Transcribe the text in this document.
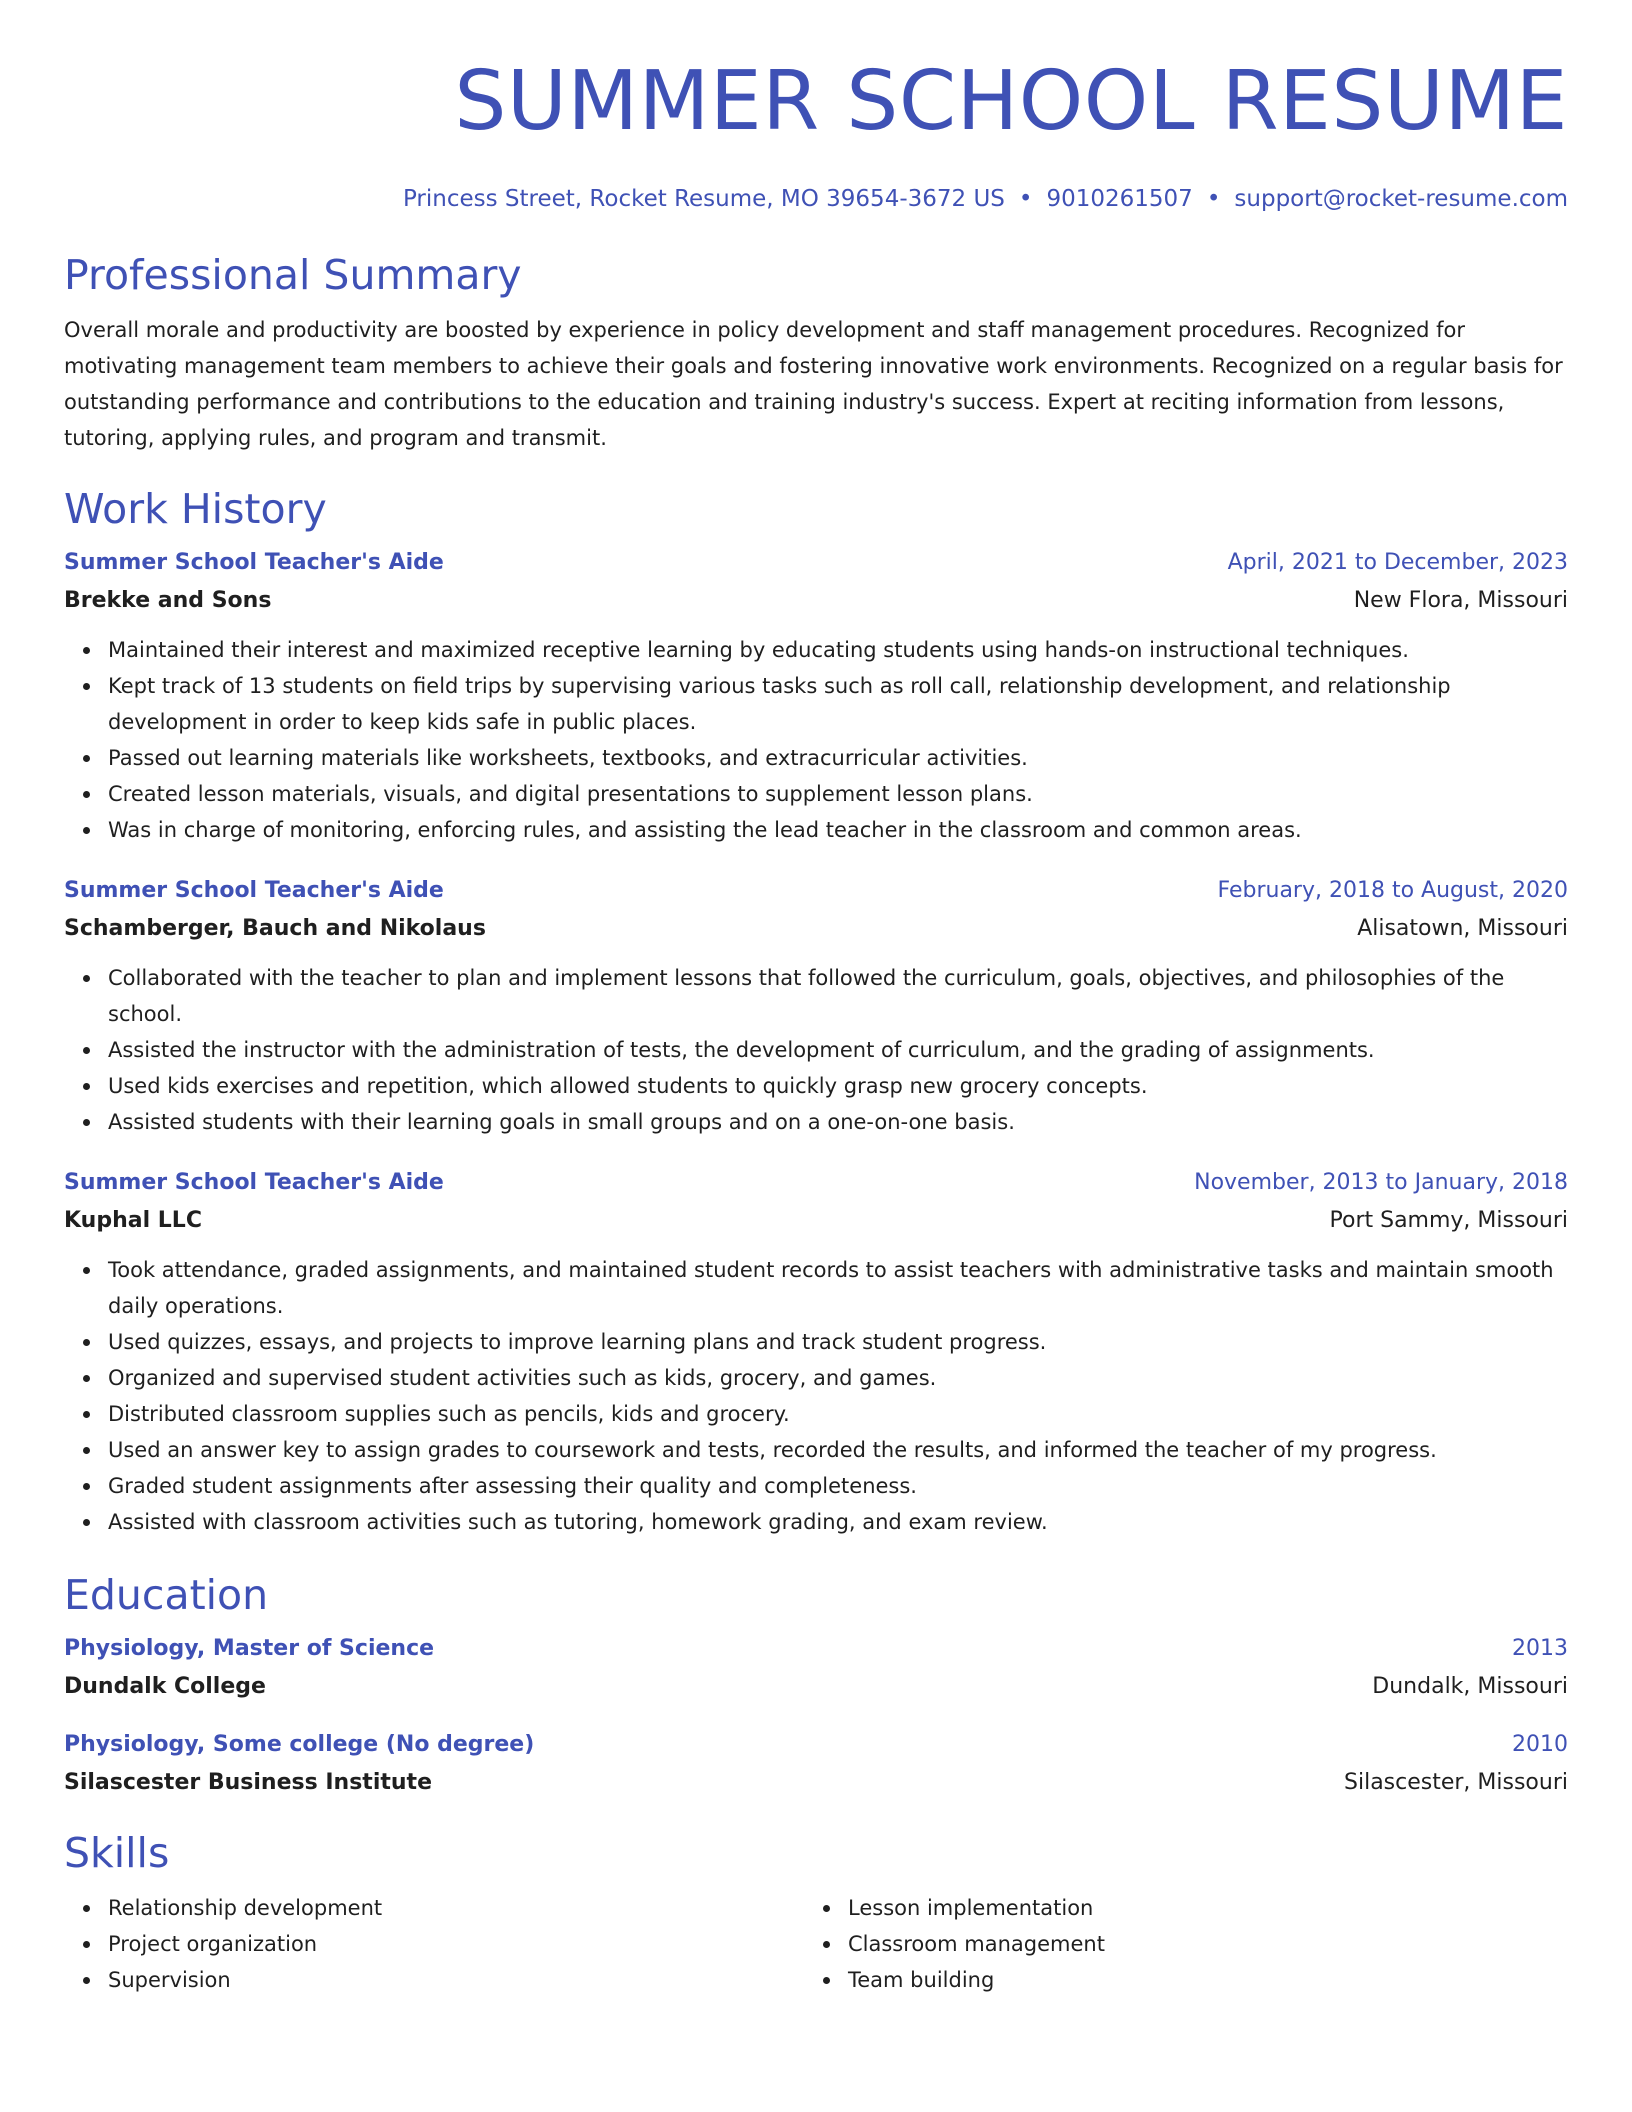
SUMMER SCHOOL RESUME
Princess Street, Rocket Resume, MO 39654-3672 US • 9010261507 • support@rocket-resume.com
Professional Summary
Overall morale and productivity are boosted by experience in policy development and staff management procedures. Recognized for motivating management team members to achieve their goals and fostering innovative work environments. Recognized on a regular basis for outstanding performance and contributions to the education and training industry's success. Expert at reciting information from lessons, tutoring, applying rules, and program and transmit.
Work History
Summer School Teacher's Aide	April, 2021 to December, 2023
Brekke and Sons	New Flora, Missouri
Maintained their interest and maximized receptive learning by educating students using hands-on instructional techniques.
Kept track of 13 students on field trips by supervising various tasks such as roll call, relationship development, and relationship development in order to keep kids safe in public places.
Passed out learning materials like worksheets, textbooks, and extracurricular activities.
Created lesson materials, visuals, and digital presentations to supplement lesson plans.
Was in charge of monitoring, enforcing rules, and assisting the lead teacher in the classroom and common areas.
Summer School Teacher's Aide	February, 2018 to August, 2020
Schamberger, Bauch and Nikolaus	Alisatown, Missouri
Collaborated with the teacher to plan and implement lessons that followed the curriculum, goals, objectives, and philosophies of the school.
Assisted the instructor with the administration of tests, the development of curriculum, and the grading of assignments.
Used kids exercises and repetition, which allowed students to quickly grasp new grocery concepts.
Assisted students with their learning goals in small groups and on a one-on-one basis.
Summer School Teacher's Aide	November, 2013 to January, 2018
Kuphal LLC	Port Sammy, Missouri
Took attendance, graded assignments, and maintained student records to assist teachers with administrative tasks and maintain smooth daily operations.
Used quizzes, essays, and projects to improve learning plans and track student progress.
Organized and supervised student activities such as kids, grocery, and games.
Distributed classroom supplies such as pencils, kids and grocery.
Used an answer key to assign grades to coursework and tests, recorded the results, and informed the teacher of my progress.
Graded student assignments after assessing their quality and completeness.
Assisted with classroom activities such as tutoring, homework grading, and exam review.
Education
Physiology, Master of Science	2013
Dundalk College	Dundalk, Missouri
Physiology, Some college (No degree)	2010
Silascester Business Institute	Silascester, Missouri
Skills
Relationship development
Project organization
Supervision
Lesson implementation
Classroom management
Team building
